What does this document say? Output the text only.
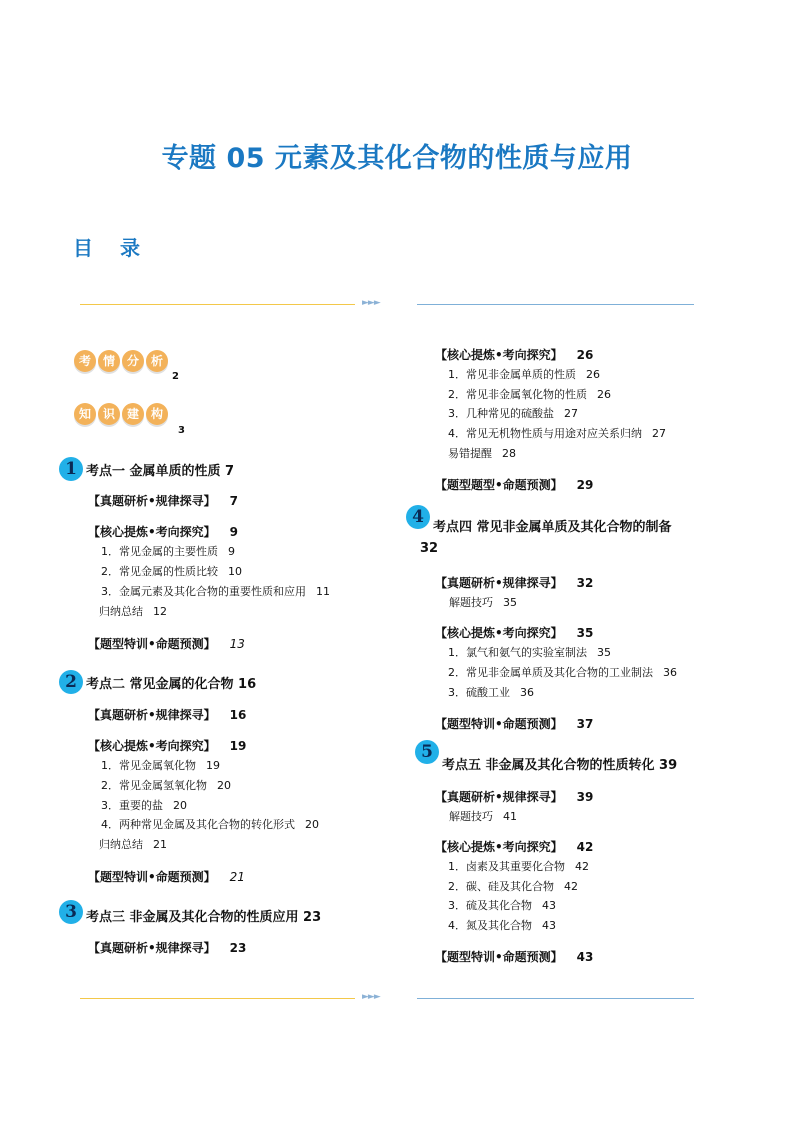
专题 05 元素及其化合物的性质与应用
目 录
►►►
考 情 分 析
2
知 识 建 构
3
1 考点一 金属单质的性质 7
【真题研析•规律探寻】 7
【核心提炼•考向探究】 9
1．常见金属的主要性质 9
2．常见金属的性质比较 10
3．金属元素及其化合物的重要性质和应用 11
归纳总结 12
【题型特训•命题预测】 13
2 考点二 常见金属的化合物 16
【真题研析•规律探寻】 16
【核心提炼•考向探究】 19
1．常见金属氧化物 19
2．常见金属氢氧化物 20
3．重要的盐 20
4．两种常见金属及其化合物的转化形式 20
归纳总结 21
【题型特训•命题预测】 21
3 考点三 非金属及其化合物的性质应用 23
【真题研析•规律探寻】 23
【核心提炼•考向探究】 26
1．常见非金属单质的性质 26
2．常见非金属氧化物的性质 26
3．几种常见的硫酸盐 27
4．常见无机物性质与用途对应关系归纳 27
易错提醒 28
【题型题型•命题预测】 29
4
考点四 常见非金属单质及其化合物的制备
32
【真题研析•规律探寻】 32
解题技巧 35
【核心提炼•考向探究】 35
1．氯气和氨气的实验室制法 35
2．常见非金属单质及其化合物的工业制法 36
3．硫酸工业 36
【题型特训•命题预测】 37
5
考点五 非金属及其化合物的性质转化 39
【真题研析•规律探寻】 39
解题技巧 41
【核心提炼•考向探究】 42
1．卤素及其重要化合物 42
2．碳、硅及其化合物 42
3．硫及其化合物 43
4．氮及其化合物 43
【题型特训•命题预测】 43
►►►
